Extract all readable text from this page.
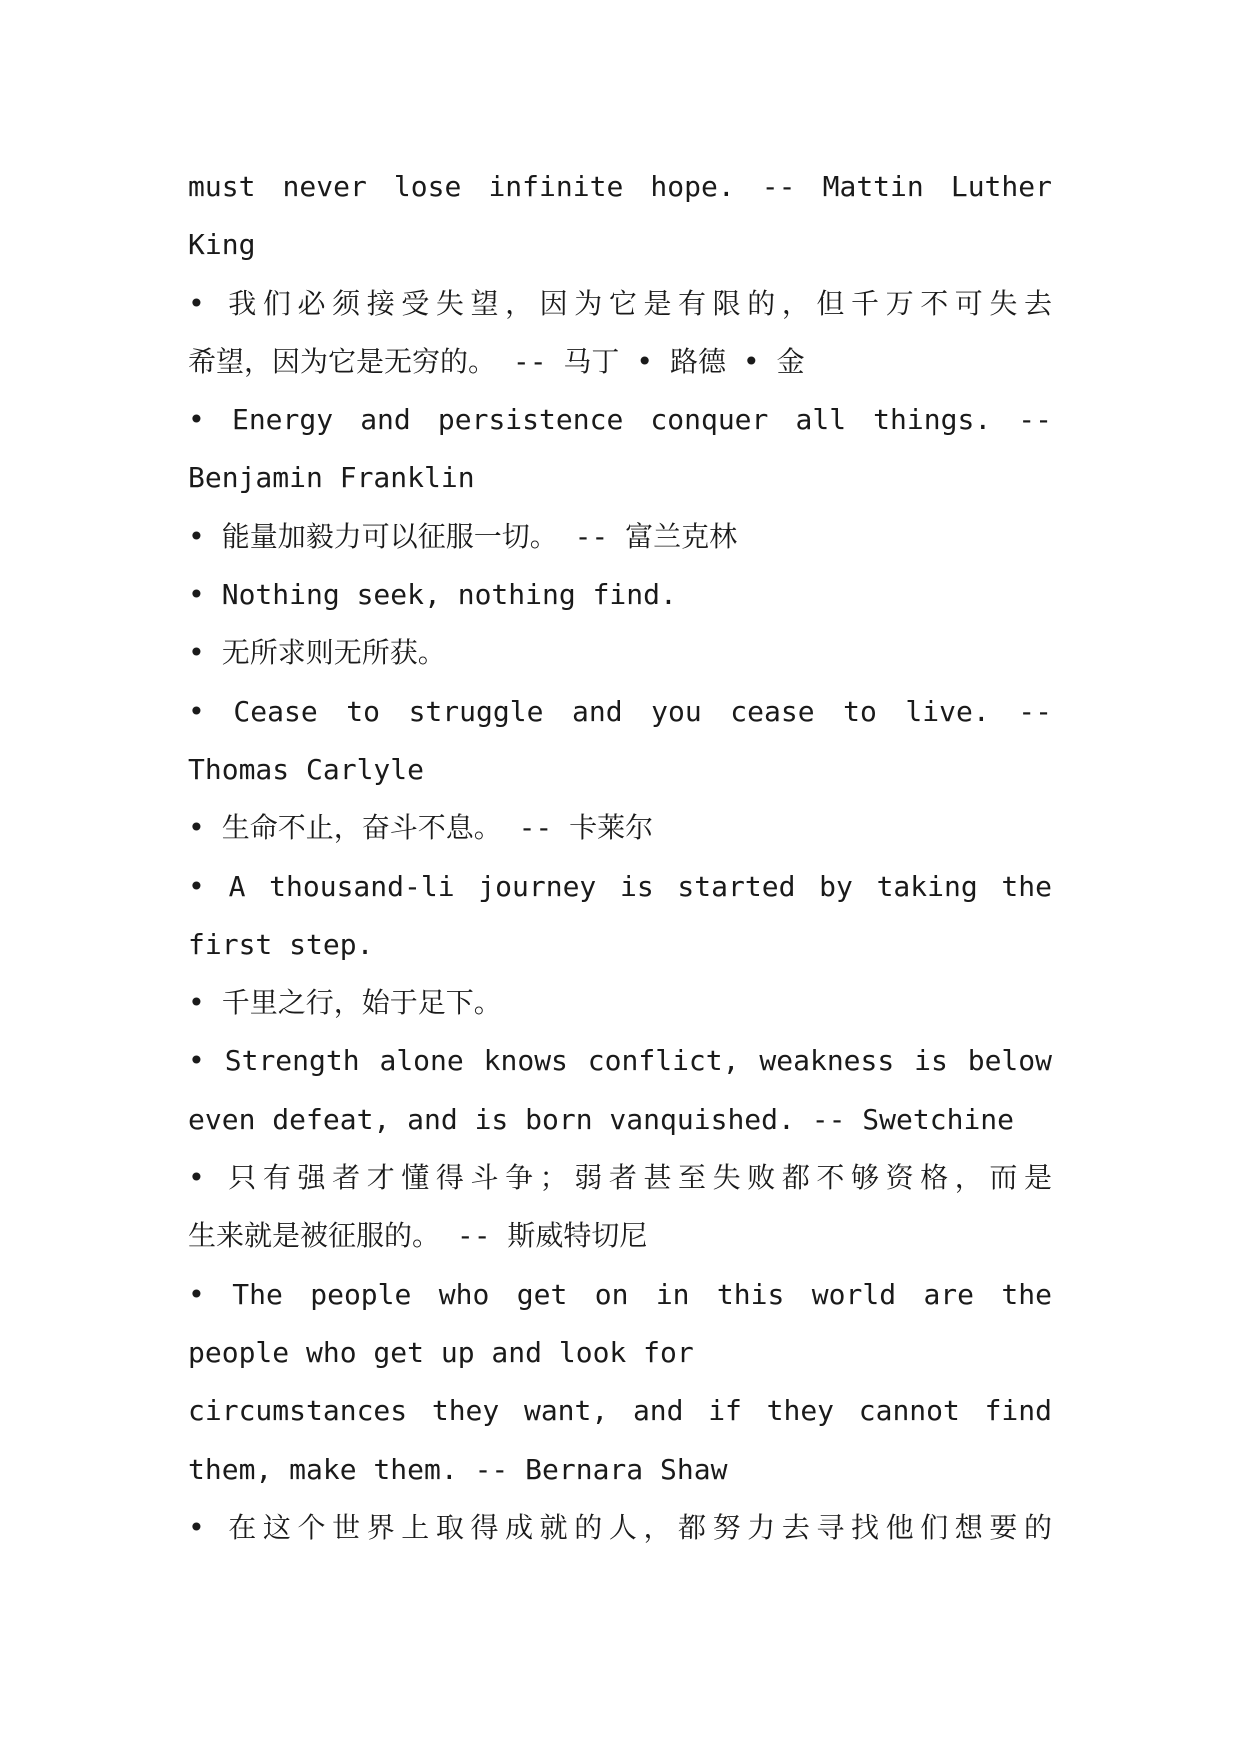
must never lose infinite hope. -- Mattin Luther
King
• 我们必须接受失望，因为它是有限的，但千万不可失去
希望，因为它是无穷的。 -- 马丁 • 路德 • 金
• Energy and persistence conquer all things. --
Benjamin Franklin
• 能量加毅力可以征服一切。 -- 富兰克林
• Nothing seek, nothing find.
• 无所求则无所获。
• Cease to struggle and you cease to live. --
Thomas Carlyle
• 生命不止，奋斗不息。 -- 卡莱尔
• A thousand-li journey is started by taking the
first step.
• 千里之行，始于足下。
• Strength alone knows conflict, weakness is below
even defeat, and is born vanquished. -- Swetchine
• 只有强者才懂得斗争；弱者甚至失败都不够资格，而是
生来就是被征服的。 -- 斯威特切尼
• The people who get on in this world are the
people who get up and look for
circumstances they want, and if they cannot find
them, make them. -- Bernara Shaw
• 在这个世界上取得成就的人，都努力去寻找他们想要的
